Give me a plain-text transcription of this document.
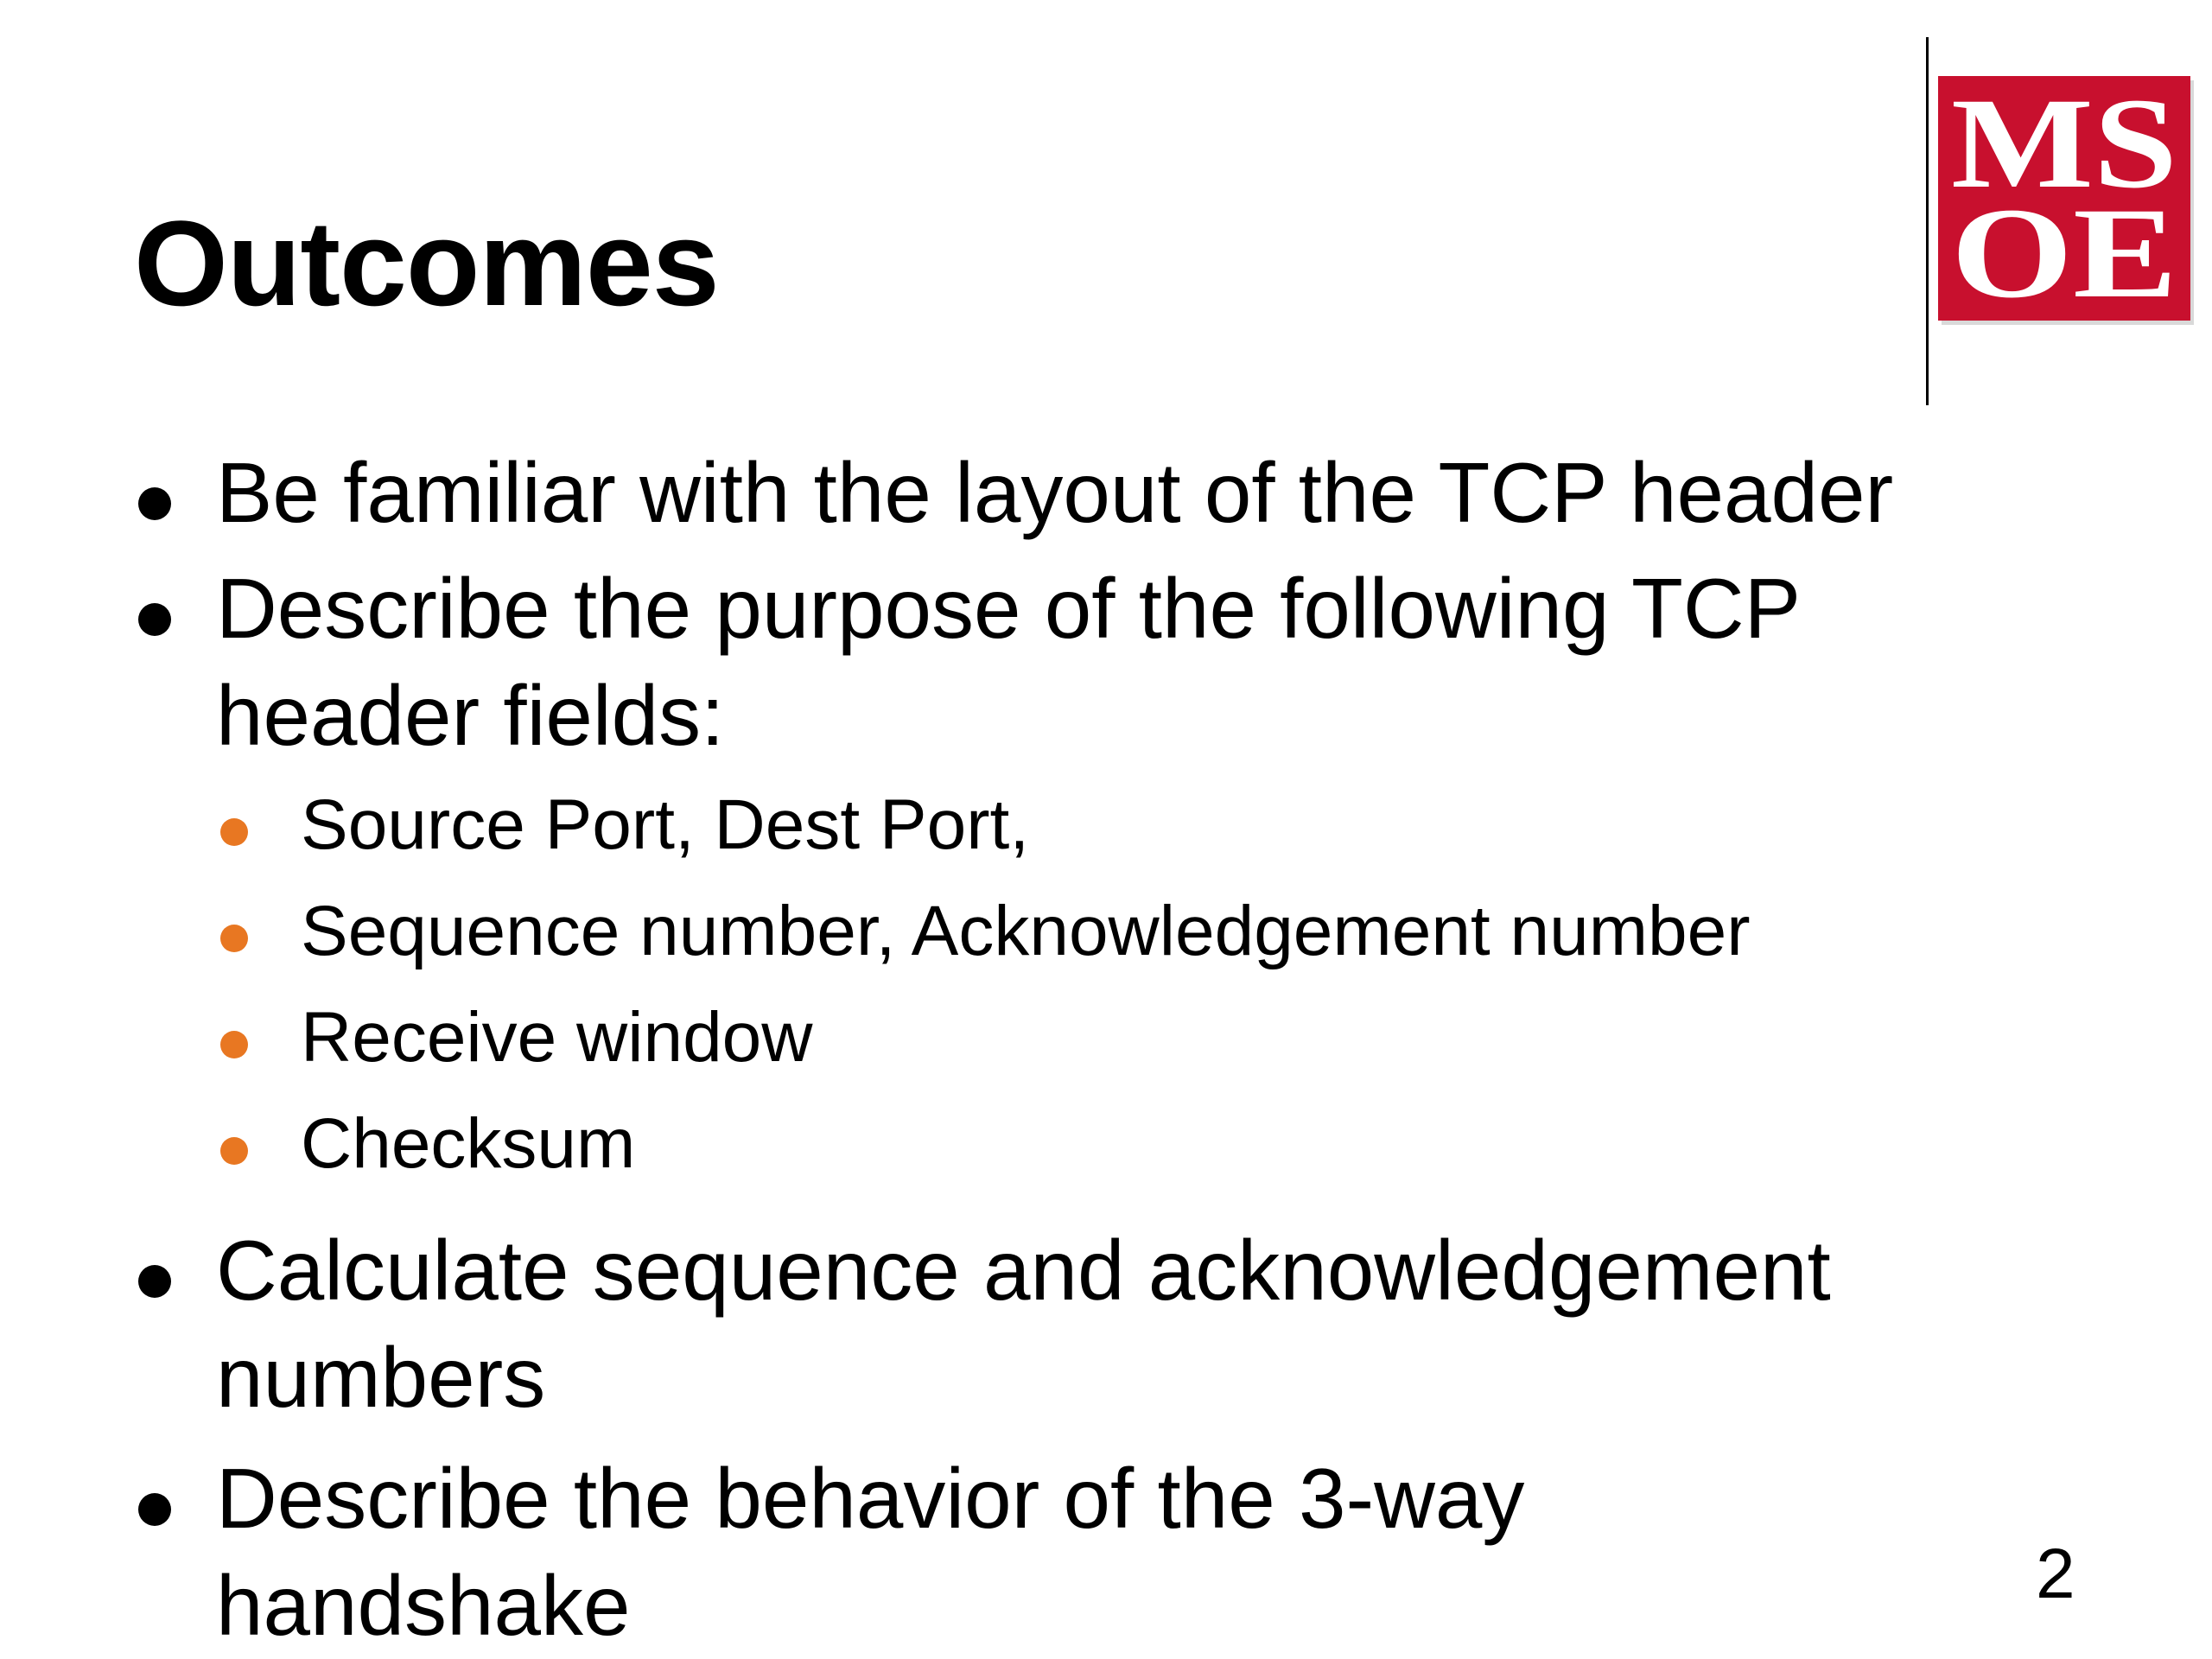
Outcomes
MS
OE
Be familiar with the layout of the TCP header
Describe the purpose of the following TCP header fields:
Source Port, Dest Port,
Sequence number, Acknowledgement number
Receive window
Checksum
Calculate sequence and acknowledgement numbers
Describe the behavior of the 3-way handshake	2
